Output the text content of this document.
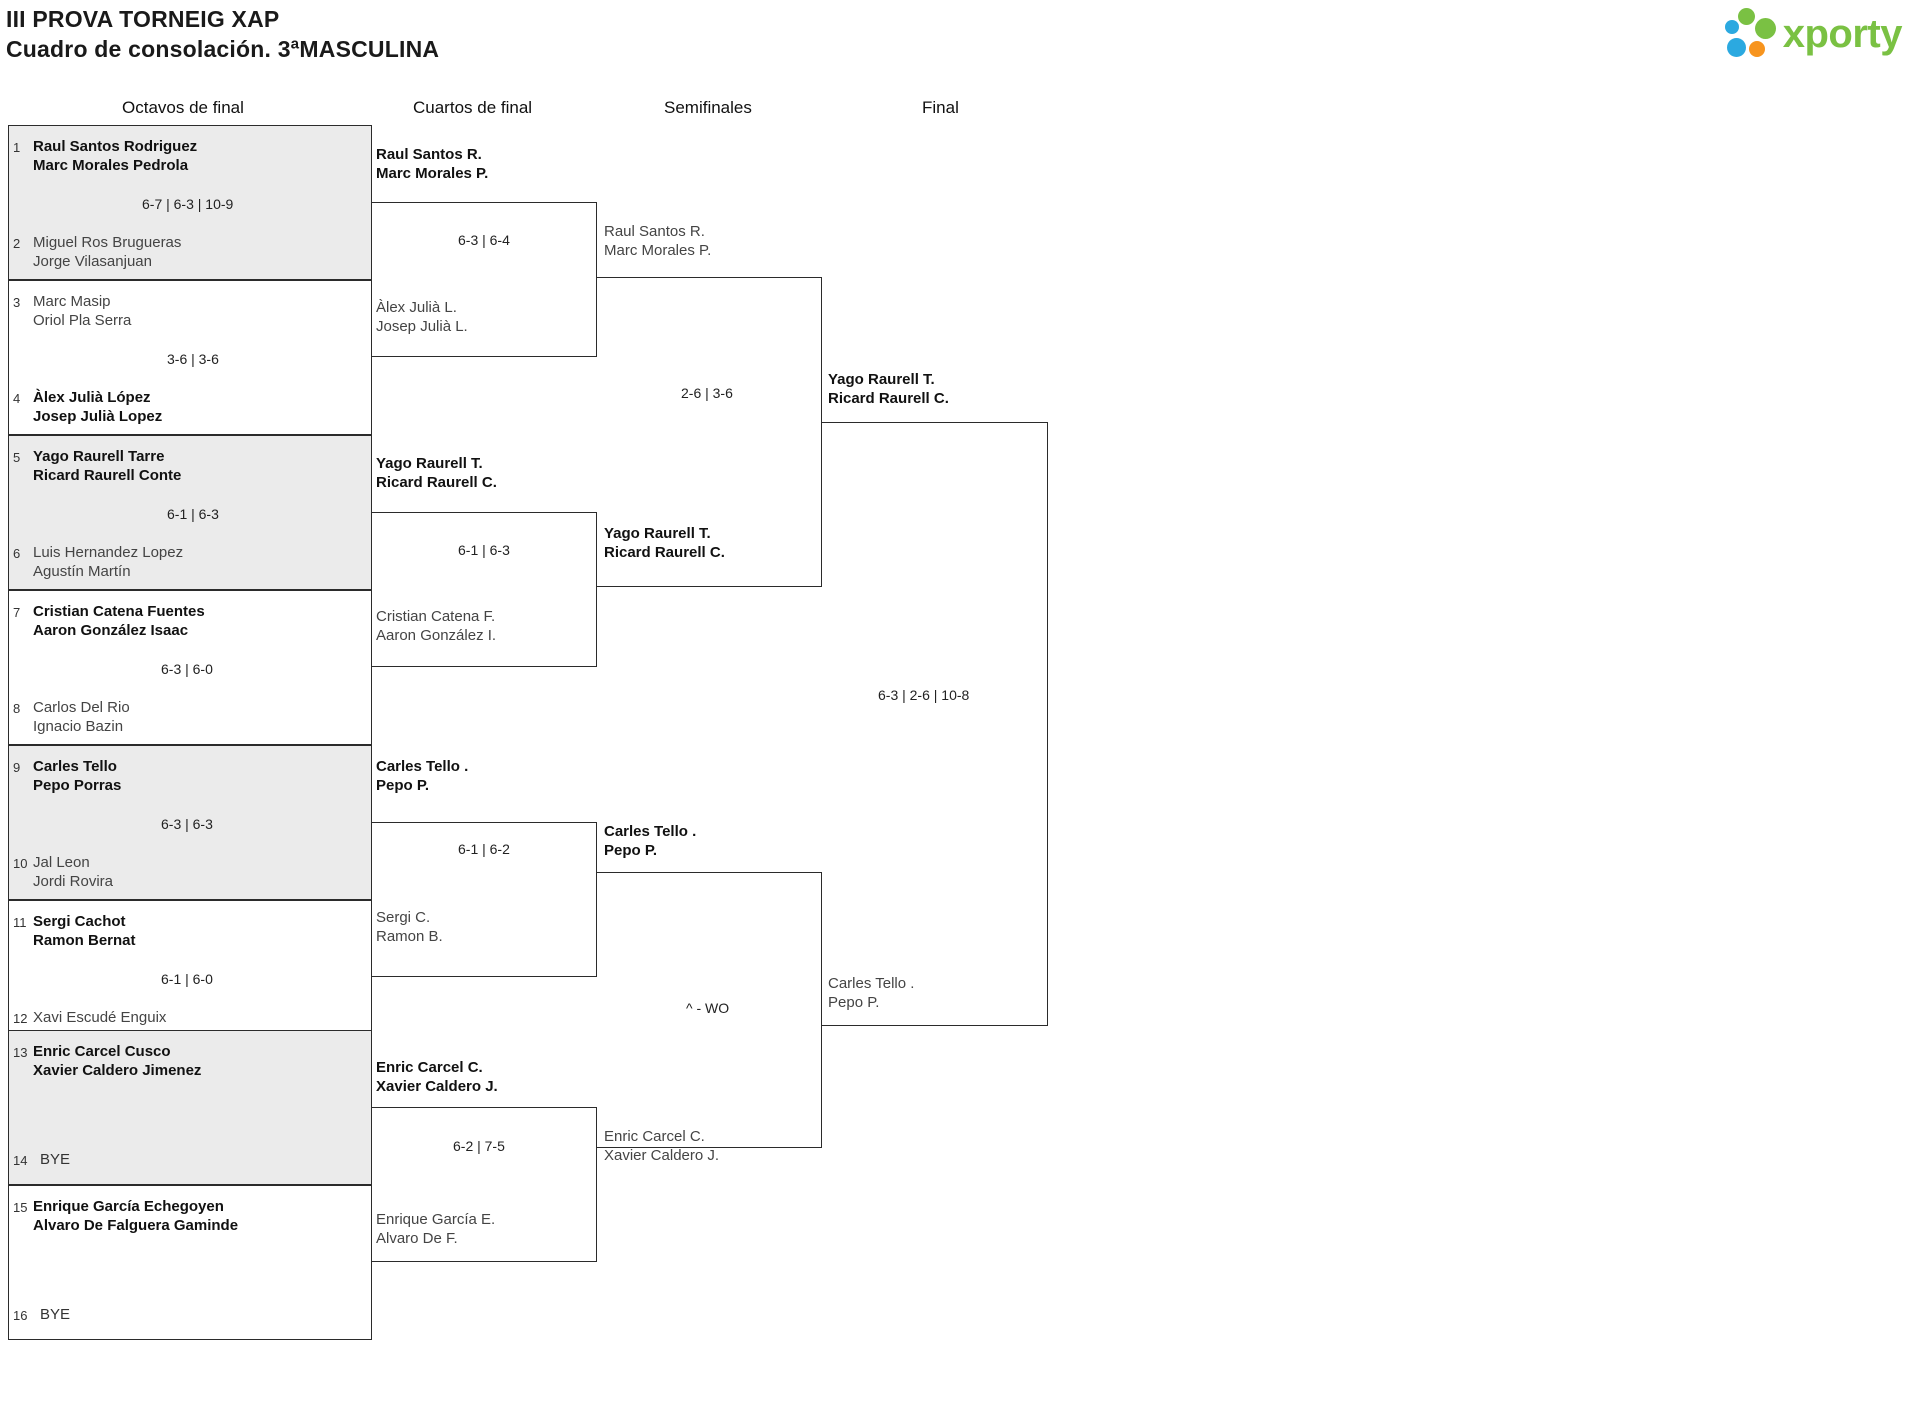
III PROVA TORNEIG XAP
Cuadro de consolación. 3ªMASCULINA	xporty
Octavos de final	Cuartos de final	Semifinales	Final
1 Raul Santos Rodriguez
Marc Morales Pedrola
6-7 | 6-3 | 10-9
2 Miguel Ros Brugueras
Jorge Vilasanjuan
3 Marc Masip
Oriol Pla Serra
3-6 | 3-6
4 Àlex Julià López
Josep Julià Lopez
5 Yago Raurell Tarre
Ricard Raurell Conte
6-1 | 6-3
6 Luis Hernandez Lopez
Agustín Martín
7 Cristian Catena Fuentes
Aaron González Isaac
6-3 | 6-0
8 Carlos Del Rio
Ignacio Bazin
9 Carles Tello
Pepo Porras
6-3 | 6-3
10 Jal Leon
Jordi Rovira
11 Sergi Cachot
Ramon Bernat
6-1 | 6-0
12 Xavi Escudé Enguix
13 Enric Carcel Cusco
Xavier Caldero Jimenez
14 BYE
15 Enrique García Echegoyen
Alvaro De Falguera Gaminde
16 BYE
Raul Santos R.
Marc Morales P.
6-3 | 6-4
Àlex Julià L.
Josep Julià L.
Yago Raurell T.
Ricard Raurell C.
6-1 | 6-3
Cristian Catena F.
Aaron González I.
Carles Tello .
Pepo P.
6-1 | 6-2
Sergi C.
Ramon B.
Enric Carcel C.
Xavier Caldero J.
6-2 | 7-5
Enrique García E.
Alvaro De F.
Raul Santos R.
Marc Morales P.
2-6 | 3-6
Yago Raurell T.
Ricard Raurell C.
Carles Tello .
Pepo P.
^ - WO
Enric Carcel C.
Xavier Caldero J.
Yago Raurell T.
Ricard Raurell C.
6-3 | 2-6 | 10-8
Carles Tello .
Pepo P.
